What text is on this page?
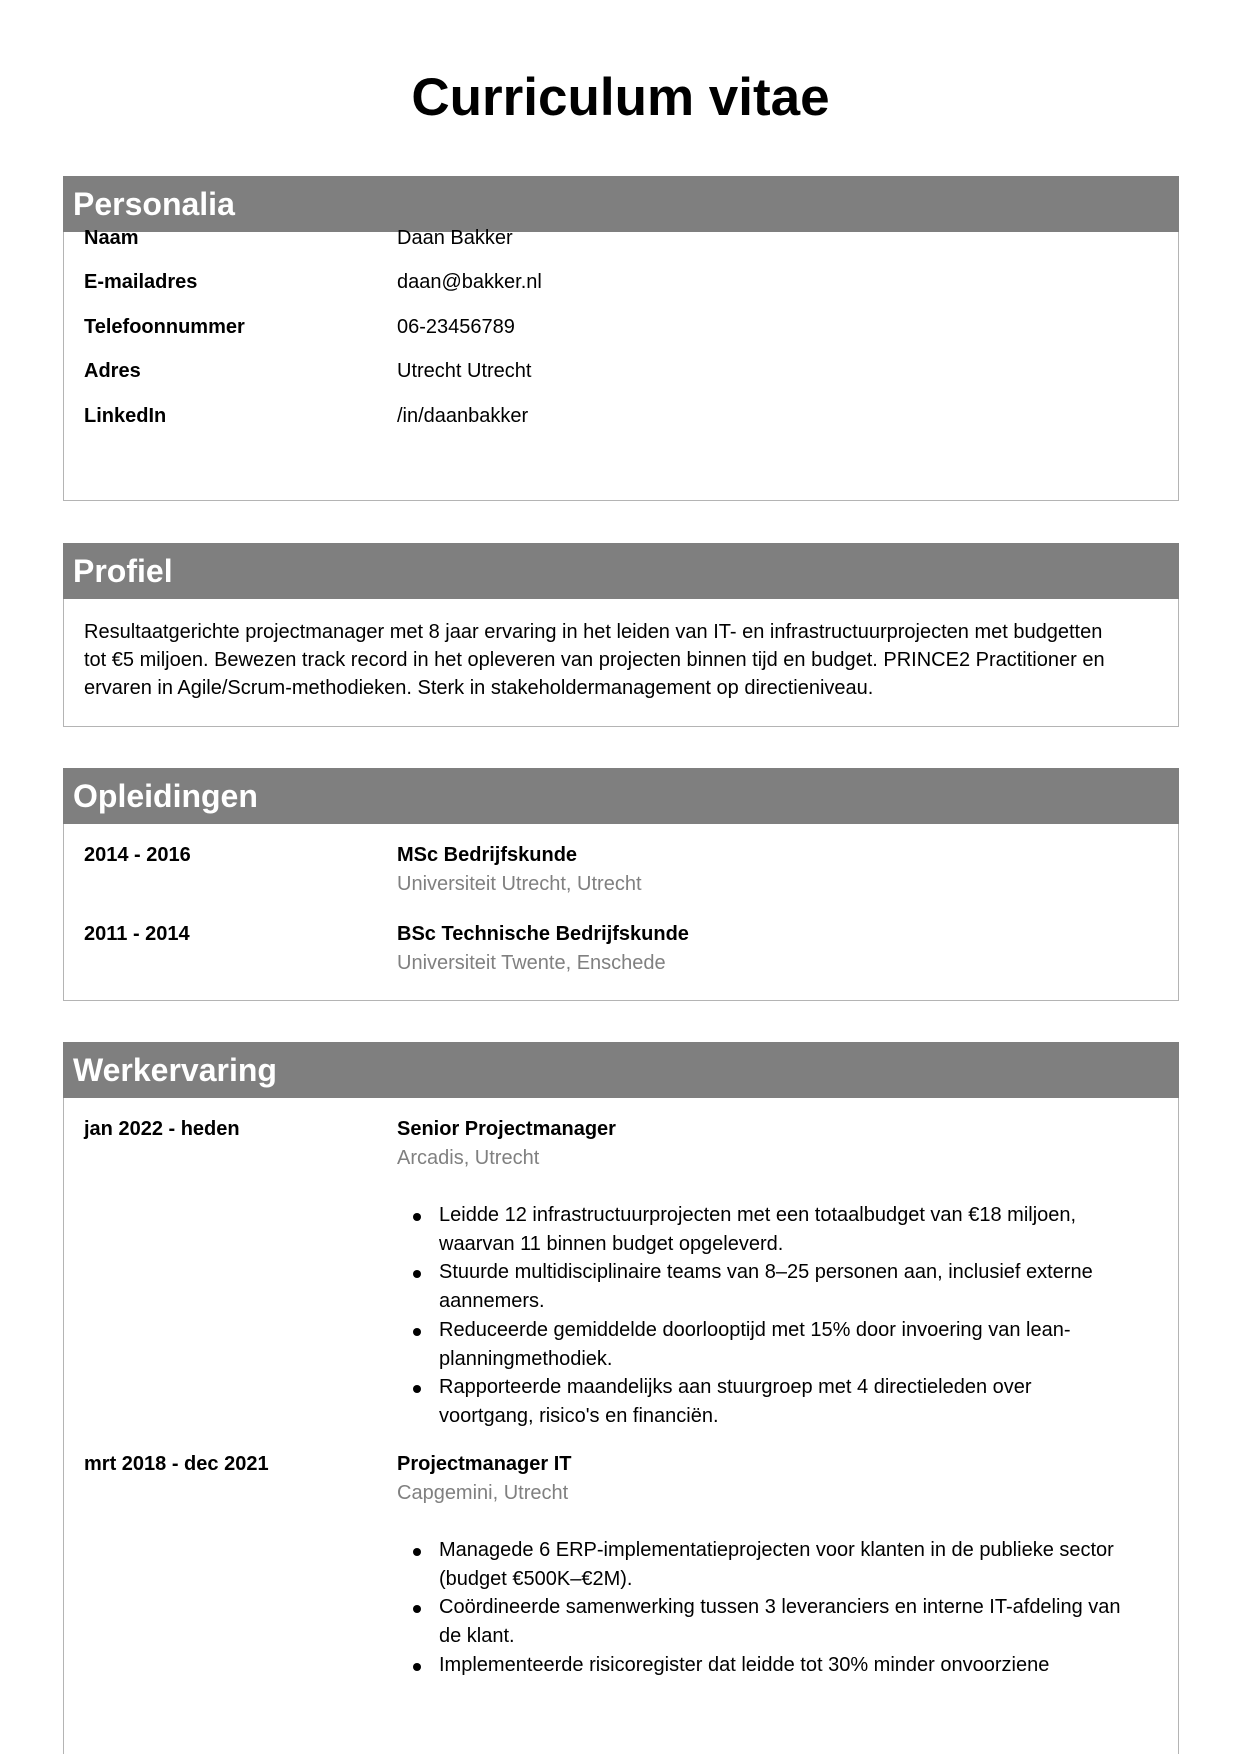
Curriculum vitae
Personalia
Naam	Daan Bakker
E-mailadres	daan@bakker.nl
Telefoonnummer	06-23456789
Adres	Utrecht Utrecht
LinkedIn	/in/daanbakker
Profiel
Resultaatgerichte projectmanager met 8 jaar ervaring in het leiden van IT- en infrastructuurprojecten met budgetten
tot €5 miljoen. Bewezen track record in het opleveren van projecten binnen tijd en budget. PRINCE2 Practitioner en
ervaren in Agile/Scrum-methodieken. Sterk in stakeholdermanagement op directieniveau.
Opleidingen
2014 - 2016	MSc Bedrijfskunde
Universiteit Utrecht, Utrecht
2011 - 2014	BSc Technische Bedrijfskunde
Universiteit Twente, Enschede
Werkervaring
jan 2022 - heden	Senior Projectmanager
Arcadis, Utrecht
Leidde 12 infrastructuurprojecten met een totaalbudget van €18 miljoen,
waarvan 11 binnen budget opgeleverd.
Stuurde multidisciplinaire teams van 8–25 personen aan, inclusief externe
aannemers.
Reduceerde gemiddelde doorlooptijd met 15% door invoering van lean-
planningmethodiek.
Rapporteerde maandelijks aan stuurgroep met 4 directieleden over
voortgang, risico's en financiën.
mrt 2018 - dec 2021	Projectmanager IT
Capgemini, Utrecht
Managede 6 ERP-implementatieprojecten voor klanten in de publieke sector
(budget €500K–€2M).
Coördineerde samenwerking tussen 3 leveranciers en interne IT-afdeling van
de klant.
Implementeerde risicoregister dat leidde tot 30% minder onvoorziene
